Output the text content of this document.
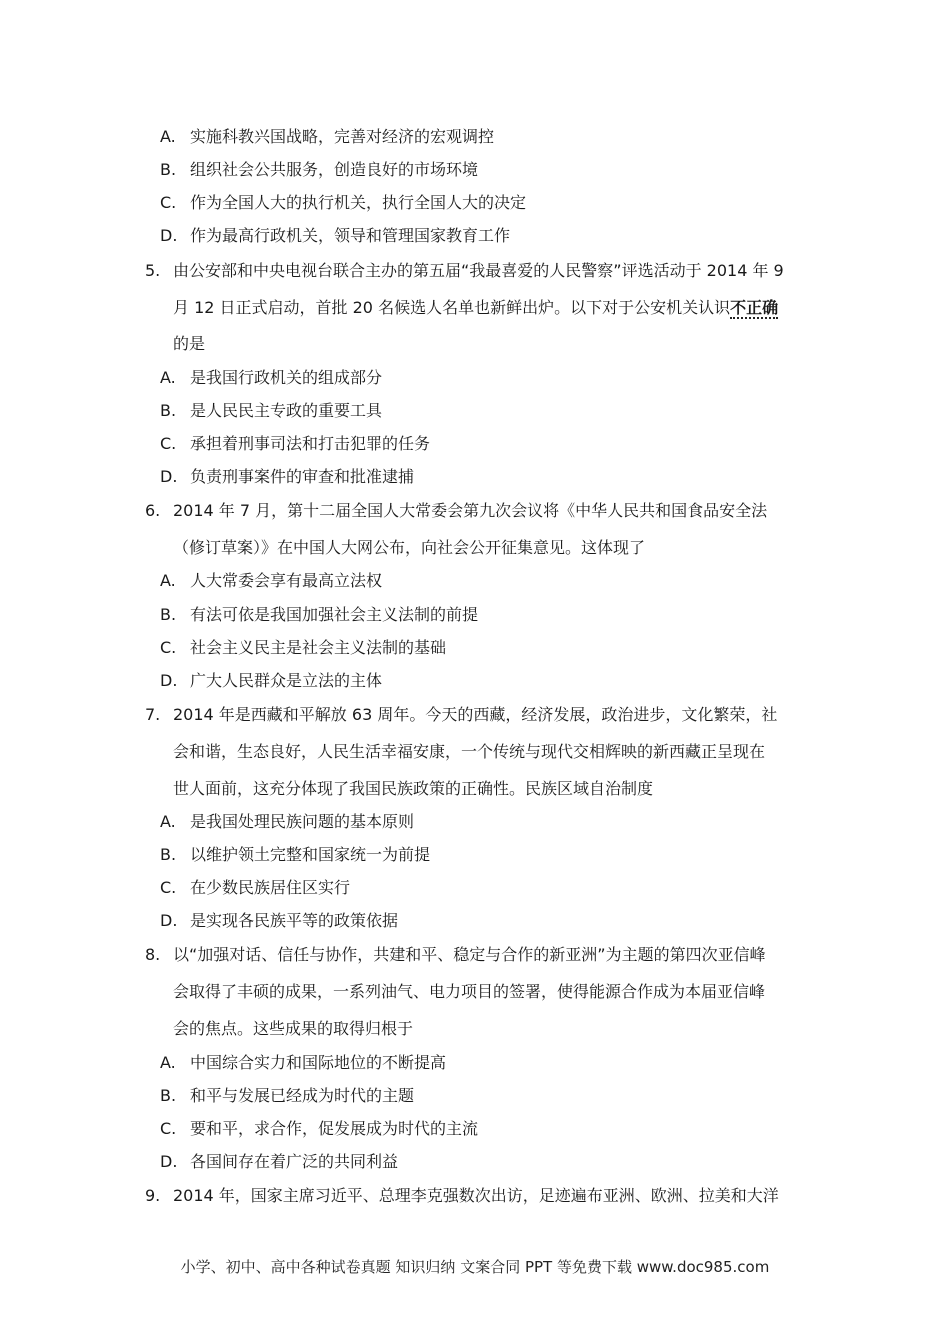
A. 实施科教兴国战略，完善对经济的宏观调控
B. 组织社会公共服务，创造良好的市场环境
C. 作为全国人大的执行机关，执行全国人大的决定
D. 作为最高行政机关，领导和管理国家教育工作
5. 由公安部和中央电视台联合主办的第五届“我最喜爱的人民警察”评选活动于 2014 年 9
月 12 日正式启动，首批 20 名候选人名单也新鲜出炉。以下对于公安机关认识不正确
的是
A. 是我国行政机关的组成部分
B. 是人民民主专政的重要工具
C. 承担着刑事司法和打击犯罪的任务
D. 负责刑事案件的审查和批准逮捕
6. 2014 年 7 月，第十二届全国人大常委会第九次会议将《中华人民共和国食品安全法
（修订草案）》在中国人大网公布，向社会公开征集意见。这体现了
A. 人大常委会享有最高立法权
B. 有法可依是我国加强社会主义法制的前提
C. 社会主义民主是社会主义法制的基础
D. 广大人民群众是立法的主体
7. 2014 年是西藏和平解放 63 周年。今天的西藏，经济发展，政治进步，文化繁荣，社
会和谐，生态良好，人民生活幸福安康，一个传统与现代交相辉映的新西藏正呈现在
世人面前，这充分体现了我国民族政策的正确性。民族区域自治制度
A. 是我国处理民族问题的基本原则
B. 以维护领土完整和国家统一为前提
C. 在少数民族居住区实行
D. 是实现各民族平等的政策依据
8. 以“加强对话、信任与协作，共建和平、稳定与合作的新亚洲”为主题的第四次亚信峰
会取得了丰硕的成果，一系列油气、电力项目的签署，使得能源合作成为本届亚信峰
会的焦点。这些成果的取得归根于
A. 中国综合实力和国际地位的不断提高
B. 和平与发展已经成为时代的主题
C. 要和平，求合作，促发展成为时代的主流
D. 各国间存在着广泛的共同利益
9. 2014 年，国家主席习近平、总理李克强数次出访，足迹遍布亚洲、欧洲、拉美和大洋
小学、初中、高中各种试卷真题 知识归纳 文案合同 PPT 等免费下载 www.doc985.com
